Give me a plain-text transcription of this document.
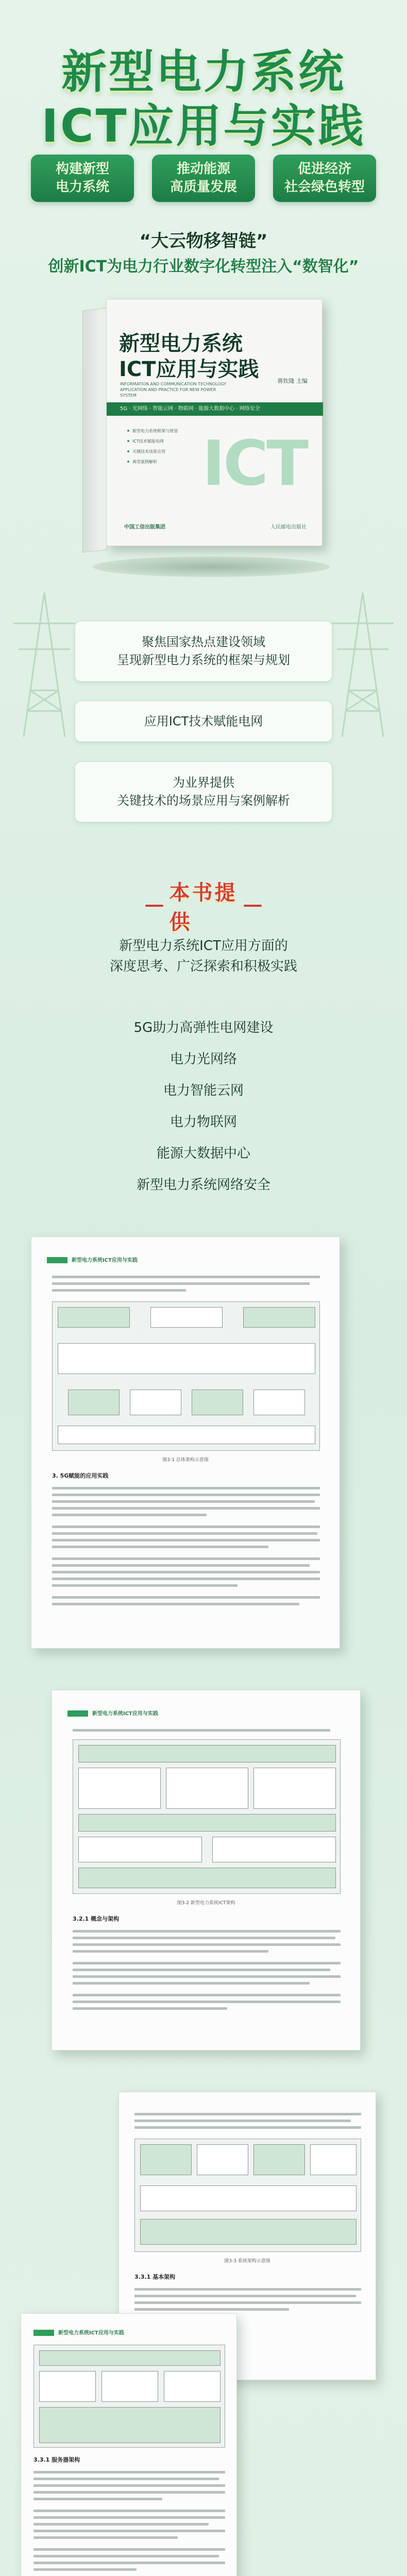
新型电力系统
ICT应用与实践
构建新型
电力系统
推动能源
高质量发展
促进经济
社会绿色转型
“大云物移智链”
创新ICT为电力行业数字化转型注入“数智化”
新型电力系统
ICT应用与实践
INFORMATION AND COMMUNICATION TECHNOLOGY APPLICATION AND PRACTICE FOR NEW POWER SYSTEM
蒋钦隆 主编
5G · 光网络 · 智能云网 · 物联网 · 能源大数据中心 · 网络安全
新型电力系统框架与规划
ICT技术赋能电网
关键技术场景应用
典型案例解析 ICT
中国工信出版集团	人民邮电出版社
聚焦国家热点建设领域
呈现新型电力系统的框架与规划
应用ICT技术赋能电网
为业界提供
关键技术的场景应用与案例解析
本书提供
新型电力系统ICT应用方面的
深度思考、广泛探索和积极实践
5G助力高弹性电网建设
电力光网络
电力智能云网
电力物联网
能源大数据中心
新型电力系统网络安全
新型电力系统ICT应用与实践
图3-1 总体架构示意图
3. 5G赋能的应用实践
新型电力系统ICT应用与实践
图3-2 新型电力系统ICT架构
3.2.1 概念与架构
图3-3 系统架构示意图
3.3.1 基本架构
新型电力系统ICT应用与实践
3.3.1 服务器架构
